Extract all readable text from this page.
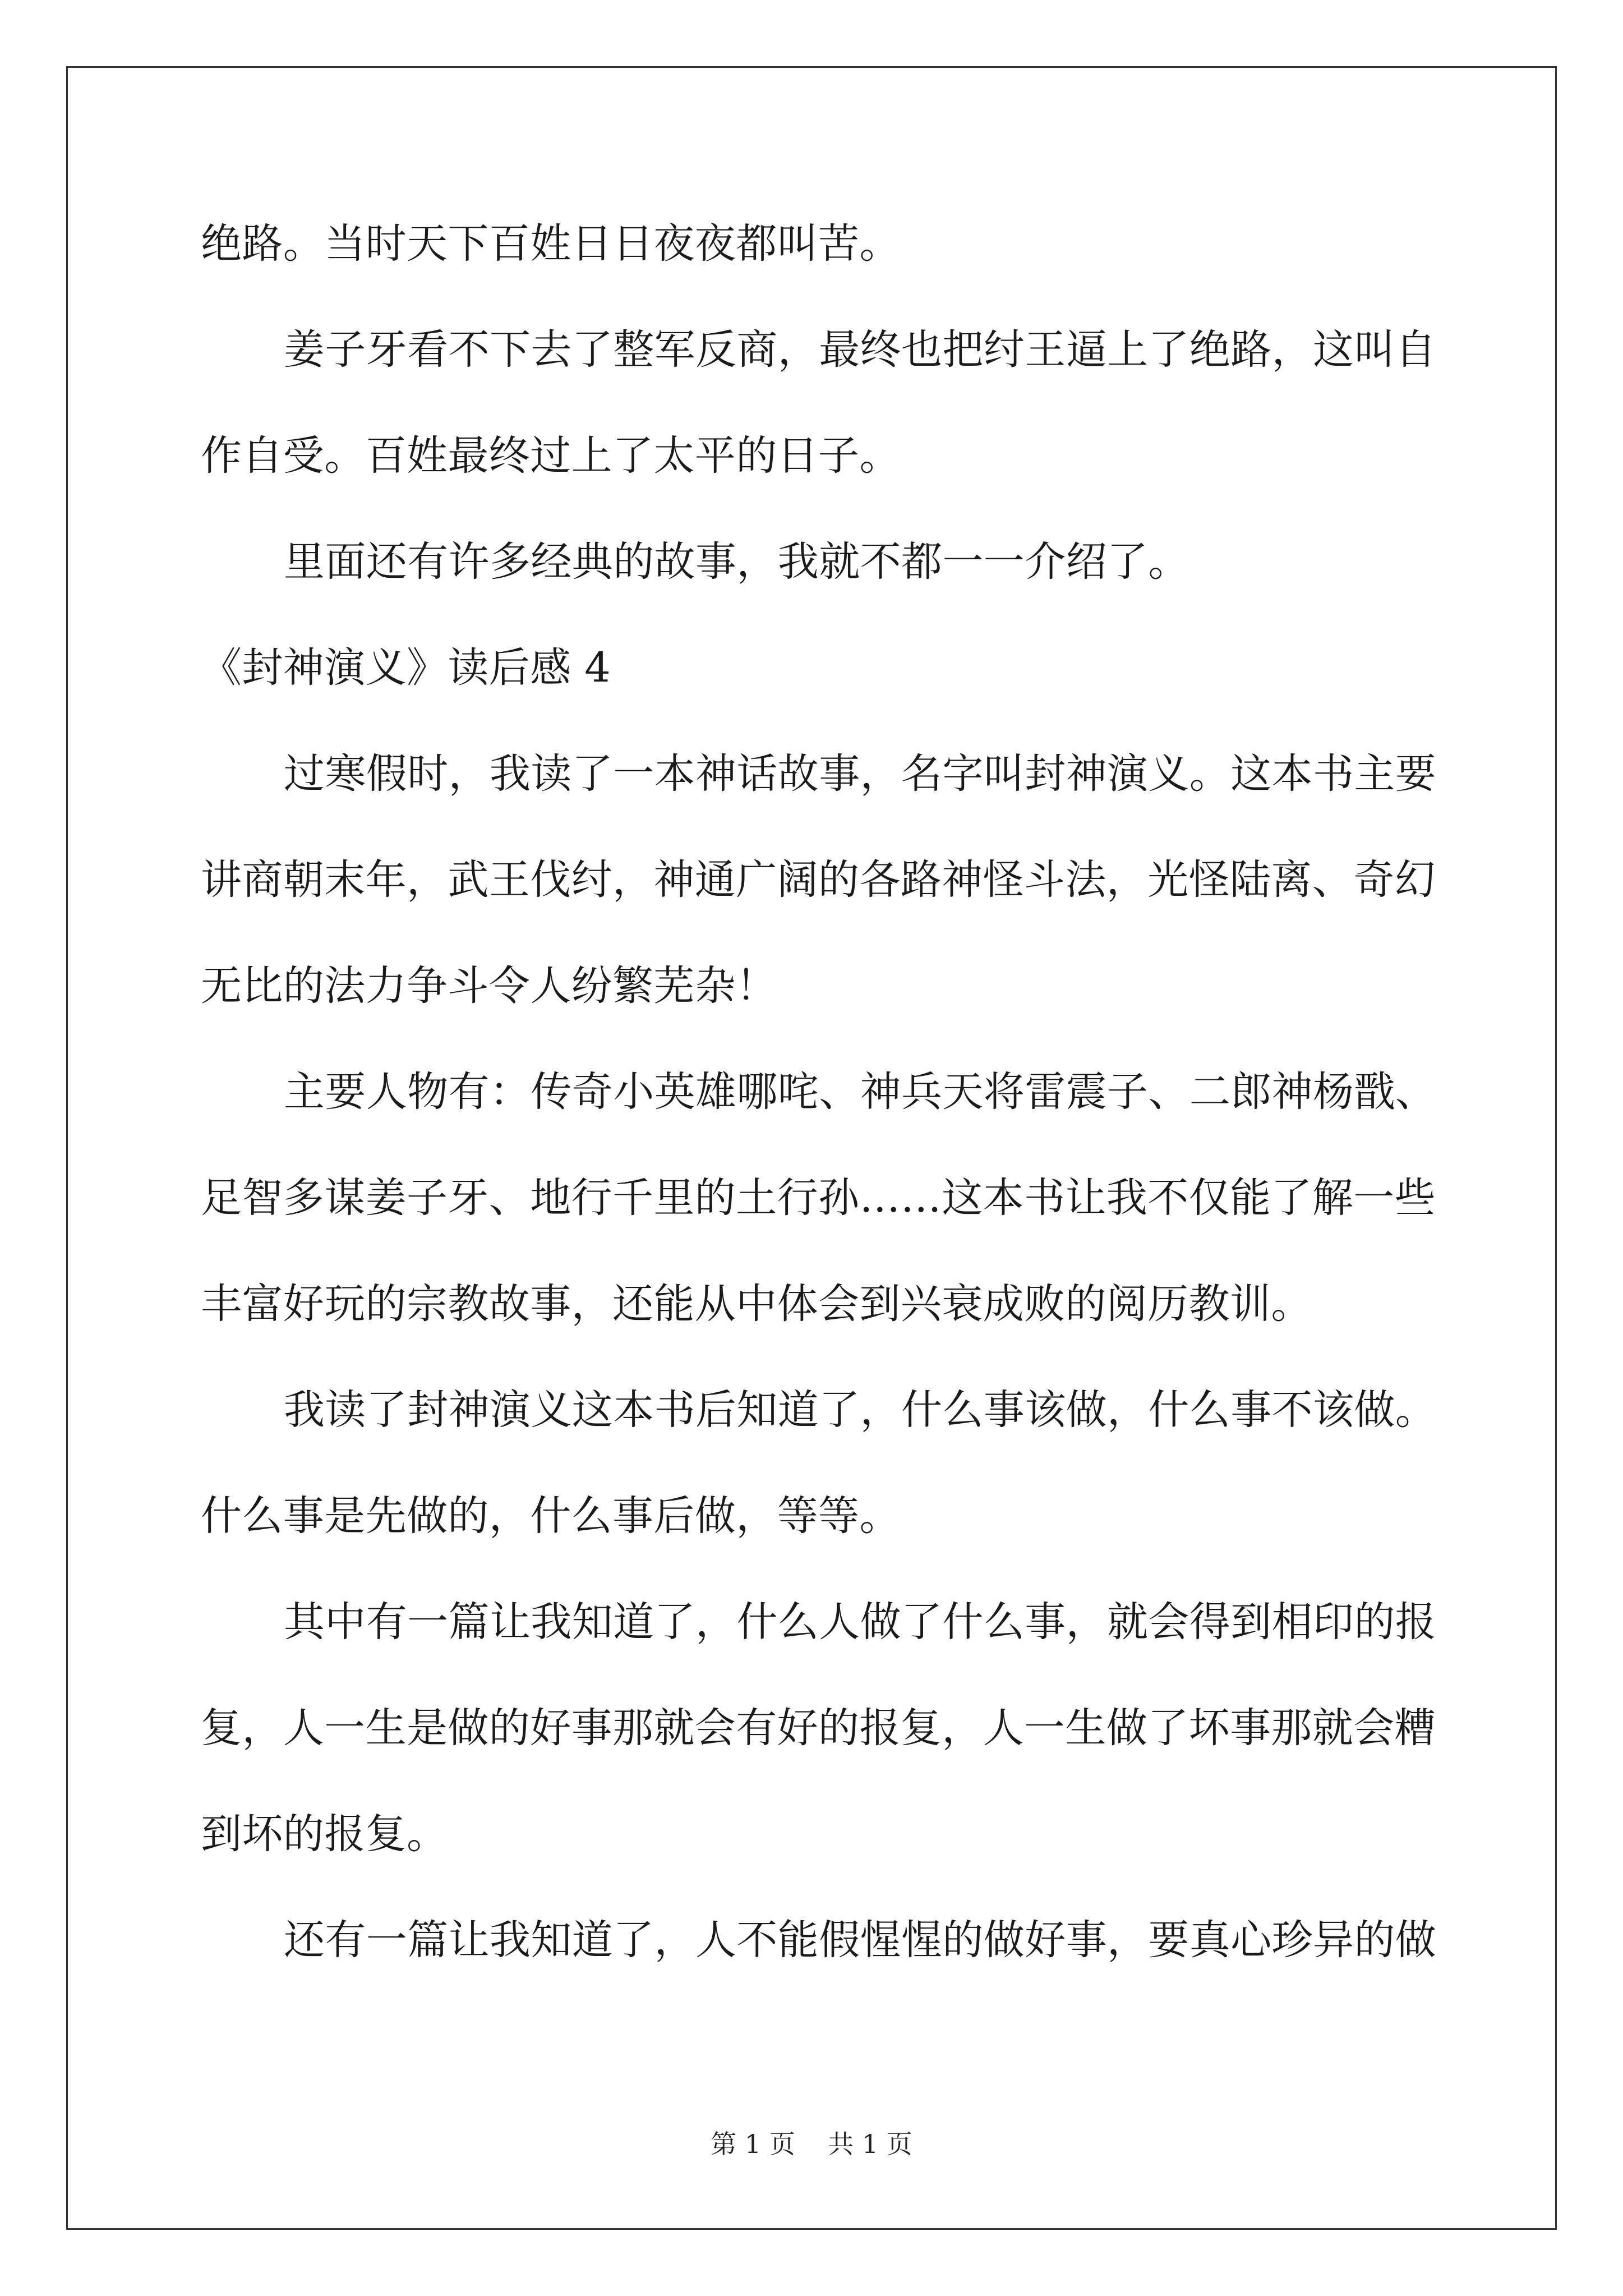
绝路。当时天下百姓日日夜夜都叫苦。
姜子牙看不下去了整军反商，最终也把纣王逼上了绝路，这叫自
作自受。百姓最终过上了太平的日子。
里面还有许多经典的故事，我就不都一一介绍了。
《封神演义》读后感 4
过寒假时，我读了一本神话故事，名字叫封神演义。这本书主要
讲商朝末年，武王伐纣，神通广阔的各路神怪斗法，光怪陆离、奇幻
无比的法力争斗令人纷繁芜杂！
主要人物有：传奇小英雄哪咤、神兵天将雷震子、二郎神杨戬、
足智多谋姜子牙、地行千里的土行孙……这本书让我不仅能了解一些
丰富好玩的宗教故事，还能从中体会到兴衰成败的阅历教训。
我读了封神演义这本书后知道了，什么事该做，什么事不该做。
什么事是先做的，什么事后做，等等。
其中有一篇让我知道了，什么人做了什么事，就会得到相印的报
复，人一生是做的好事那就会有好的报复，人一生做了坏事那就会糟
到坏的报复。
还有一篇让我知道了，人不能假惺惺的做好事，要真心珍异的做
第 1 页    共 1 页
